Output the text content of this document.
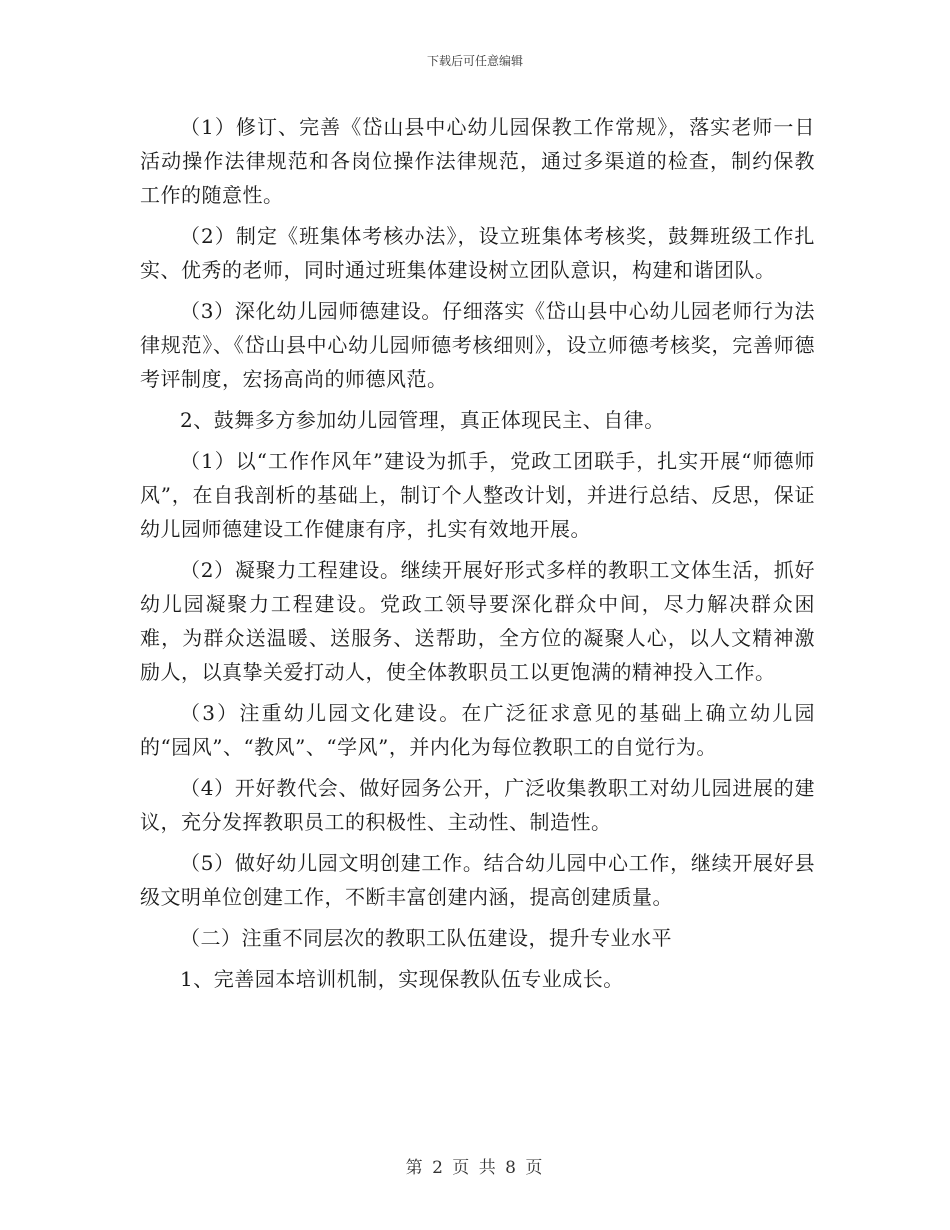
下载后可任意编辑

（1）修订、完善《岱山县中心幼儿园保教工作常规》，落实老师一日活动操作法律规范和各岗位操作法律规范，通过多渠道的检查，制约保教工作的随意性。

（2）制定《班集体考核办法》，设立班集体考核奖，鼓舞班级工作扎实、优秀的老师，同时通过班集体建设树立团队意识，构建和谐团队。

（3）深化幼儿园师德建设。仔细落实《岱山县中心幼儿园老师行为法律规范》、《岱山县中心幼儿园师德考核细则》，设立师德考核奖，完善师德考评制度，宏扬高尚的师德风范。

2、鼓舞多方参加幼儿园管理，真正体现民主、自律。

（1）以“工作作风年”建设为抓手，党政工团联手，扎实开展“师德师风”，在自我剖析的基础上，制订个人整改计划，并进行总结、反思，保证幼儿园师德建设工作健康有序，扎实有效地开展。

（2）凝聚力工程建设。继续开展好形式多样的教职工文体生活，抓好幼儿园凝聚力工程建设。党政工领导要深化群众中间，尽力解决群众困难，为群众送温暖、送服务、送帮助，全方位的凝聚人心，以人文精神激励人，以真挚关爱打动人，使全体教职员工以更饱满的精神投入工作。

（3）注重幼儿园文化建设。在广泛征求意见的基础上确立幼儿园的“园风”、“教风”、“学风”，并内化为每位教职工的自觉行为。

（4）开好教代会、做好园务公开，广泛收集教职工对幼儿园进展的建议，充分发挥教职员工的积极性、主动性、制造性。

（5）做好幼儿园文明创建工作。结合幼儿园中心工作，继续开展好县级文明单位创建工作，不断丰富创建内涵，提高创建质量。

（二）注重不同层次的教职工队伍建设，提升专业水平

1、完善园本培训机制，实现保教队伍专业成长。

第 2 页 共 8 页
